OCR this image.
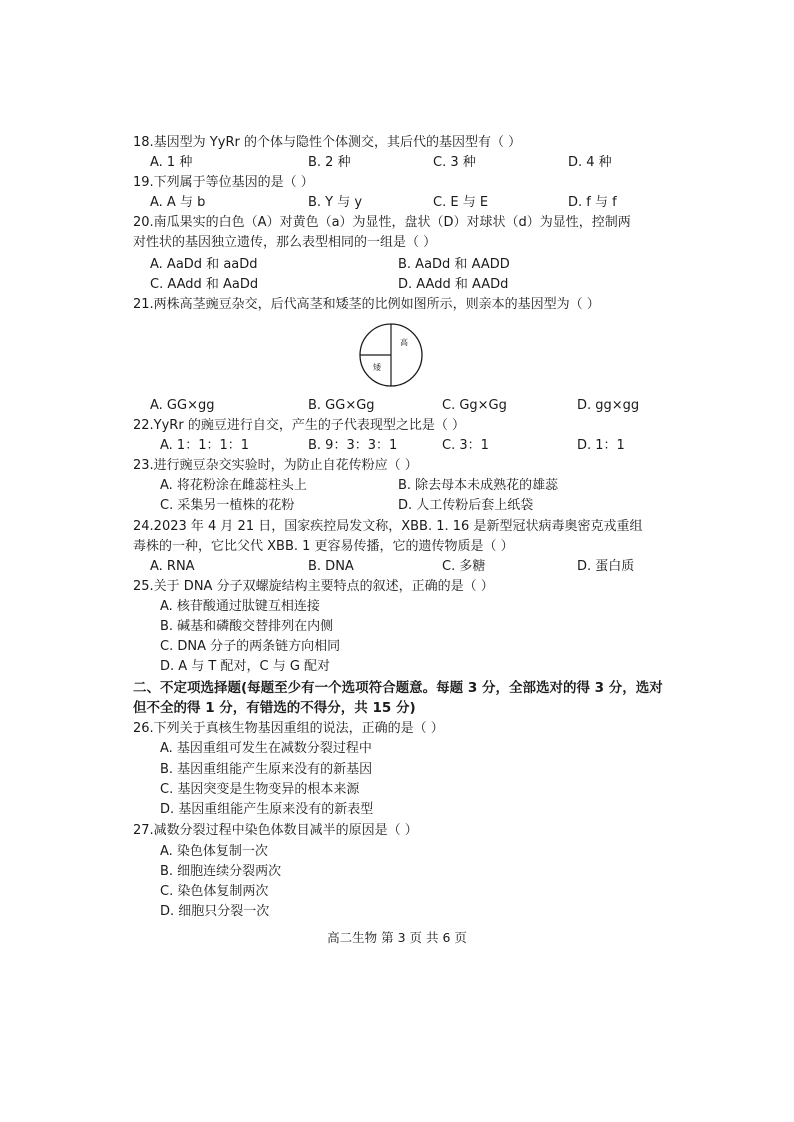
18.基因型为 YyRr 的个体与隐性个体测交，其后代的基因型有（ ）
A. 1 种	B. 2 种	C. 3 种	D. 4 种
19.下列属于等位基因的是（ ）
A. A 与 b	B. Y 与 y	C. E 与 E	D. f 与 f
20.南瓜果实的白色（A）对黄色（a）为显性，盘状（D）对球状（d）为显性，控制两
对性状的基因独立遗传，那么表型相同的一组是（ ）
A. AaDd 和 aaDd	B. AaDd 和 AADD
C. AAdd 和 AaDd	D. AAdd 和 AADd
21.两株高茎豌豆杂交，后代高茎和矮茎的比例如图所示，则亲本的基因型为（ ）
高
矮
A. GG×gg	B. GG×Gg	C. Gg×Gg	D. gg×gg
22.YyRr 的豌豆进行自交，产生的子代表现型之比是（ ）
A. 1：1：1：1	B. 9：3：3：1	C. 3：1	D. 1：1
23.进行豌豆杂交实验时，为防止自花传粉应（ ）
A. 将花粉涂在雌蕊柱头上	B. 除去母本未成熟花的雄蕊
C. 采集另一植株的花粉	D. 人工传粉后套上纸袋
24.2023 年 4 月 21 日，国家疾控局发文称，XBB. 1. 16 是新型冠状病毒奥密克戎重组
毒株的一种，它比父代 XBB. 1 更容易传播，它的遗传物质是（ ）
A. RNA	B. DNA	C. 多糖	D. 蛋白质
25.关于 DNA 分子双螺旋结构主要特点的叙述，正确的是（ ）
A. 核苷酸通过肽键互相连接
B. 碱基和磷酸交替排列在内侧
C. DNA 分子的两条链方向相同
D. A 与 T 配对，C 与 G 配对
二、不定项选择题(每题至少有一个选项符合题意。每题 3 分，全部选对的得 3 分，选对
但不全的得 1 分，有错选的不得分，共 15 分)
26.下列关于真核生物基因重组的说法，正确的是（ ）
A. 基因重组可发生在减数分裂过程中
B. 基因重组能产生原来没有的新基因
C. 基因突变是生物变异的根本来源
D. 基因重组能产生原来没有的新表型
27.减数分裂过程中染色体数目减半的原因是（ ）
A. 染色体复制一次
B. 细胞连续分裂两次
C. 染色体复制两次
D. 细胞只分裂一次
高二生物 第 3 页 共 6 页
